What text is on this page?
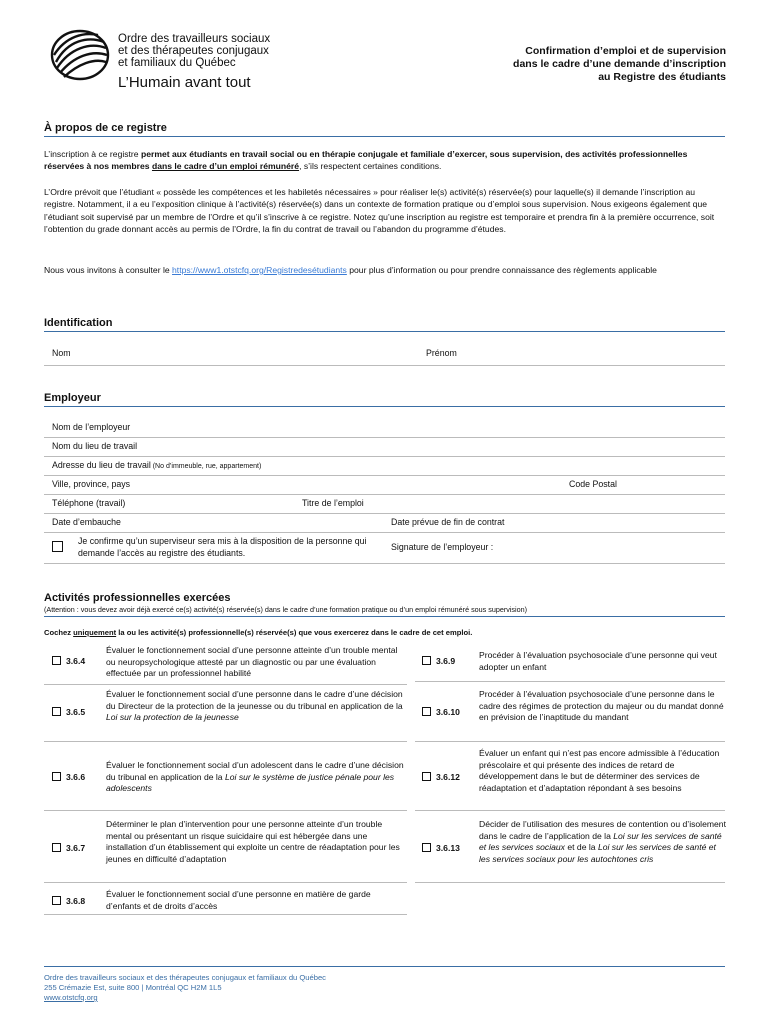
Ordre des travailleurs sociaux
et des thérapeutes conjugaux
et familiaux du Québec
L’Humain avant tout
Confirmation d’emploi et de supervision
dans le cadre d’une demande d’inscription
au Registre des étudiants
À propos de ce registre
L’inscription à ce registre permet aux étudiants en travail social ou en thérapie conjugale et familiale d’exercer, sous supervision, des activités professionnelles réservées à nos membres dans le cadre d’un emploi rémunéré, s’ils respectent certaines conditions.
L’Ordre prévoit que l’étudiant « possède les compétences et les habiletés nécessaires » pour réaliser le(s) activité(s) réservée(s) pour laquelle(s) il demande l’inscription au registre. Notamment, il a eu l’exposition clinique à l’activité(s) réservée(s) dans un contexte de formation pratique ou d’emploi sous supervision. Nous exigeons également que l’étudiant soit supervisé par un membre de l’Ordre et qu’il s’inscrive à ce registre. Notez qu’une inscription au registre est temporaire et prendra fin à la première occurrence, soit l’obtention du grade donnant accès au permis de l’Ordre, la fin du contrat de travail ou l’abandon du programme d’études.
Nous vous invitons à consulter le https://www1.otstcfq.org/Registredesétudiants pour plus d’information ou pour prendre connaissance des règlements applicable
Identification
Nom	Prénom
Employeur
Nom de l’employeur
Nom du lieu de travail
Adresse du lieu de travail (No d’immeuble, rue, appartement)
Ville, province, pays	Code Postal
Téléphone (travail)	Titre de l’emploi
Date d’embauche	Date prévue de fin de contrat
Je confirme qu’un superviseur sera mis à la disposition de la personne qui demande l’accès au registre des étudiants.
Signature de l’employeur :
Activités professionnelles exercées
(Attention : vous devez avoir déjà exercé ce(s) activité(s) réservée(s) dans le cadre d’une formation pratique ou d’un emploi rémunéré sous supervision)
Cochez uniquement la ou les activité(s) professionnelle(s) réservée(s) que vous exercerez dans le cadre de cet emploi.
3.6.4
Évaluer le fonctionnement social d’une personne atteinte d’un trouble mental ou neuropsychologique attesté par un diagnostic ou par une évaluation effectuée par un professionnel habilité
3.6.5
Évaluer le fonctionnement social d’une personne dans le cadre d’une décision du Directeur de la protection de la jeunesse ou du tribunal en application de la Loi sur la protection de la jeunesse
3.6.6
Évaluer le fonctionnement social d’un adolescent dans le cadre d’une décision du tribunal en application de la Loi sur le système de justice pénale pour les adolescents
3.6.7
Déterminer le plan d’intervention pour une personne atteinte d’un trouble mental ou présentant un risque suicidaire qui est hébergée dans une installation d’un établissement qui exploite un centre de réadaptation pour les jeunes en difficulté d’adaptation
3.6.8
Évaluer le fonctionnement social d’une personne en matière de garde d’enfants et de droits d’accès
3.6.9
Procéder à l’évaluation psychosociale d’une personne qui veut adopter un enfant
3.6.10
Procéder à l’évaluation psychosociale d’une personne dans le cadre des régimes de protection du majeur ou du mandat donné en prévision de l’inaptitude du mandant
3.6.12
Évaluer un enfant qui n’est pas encore admissible à l’éducation préscolaire et qui présente des indices de retard de développement dans le but de déterminer des services de réadaptation et d’adaptation répondant à ses besoins
3.6.13
Décider de l’utilisation des mesures de contention ou d’isolement dans le cadre de l’application de la Loi sur les services de santé et les services sociaux et de la Loi sur les services de santé et les services sociaux pour les autochtones cris
Ordre des travailleurs sociaux et des thérapeutes conjugaux et familiaux du Québec
255 Crémazie Est, suite 800 | Montréal QC H2M 1L5
www.otstcfq.org
